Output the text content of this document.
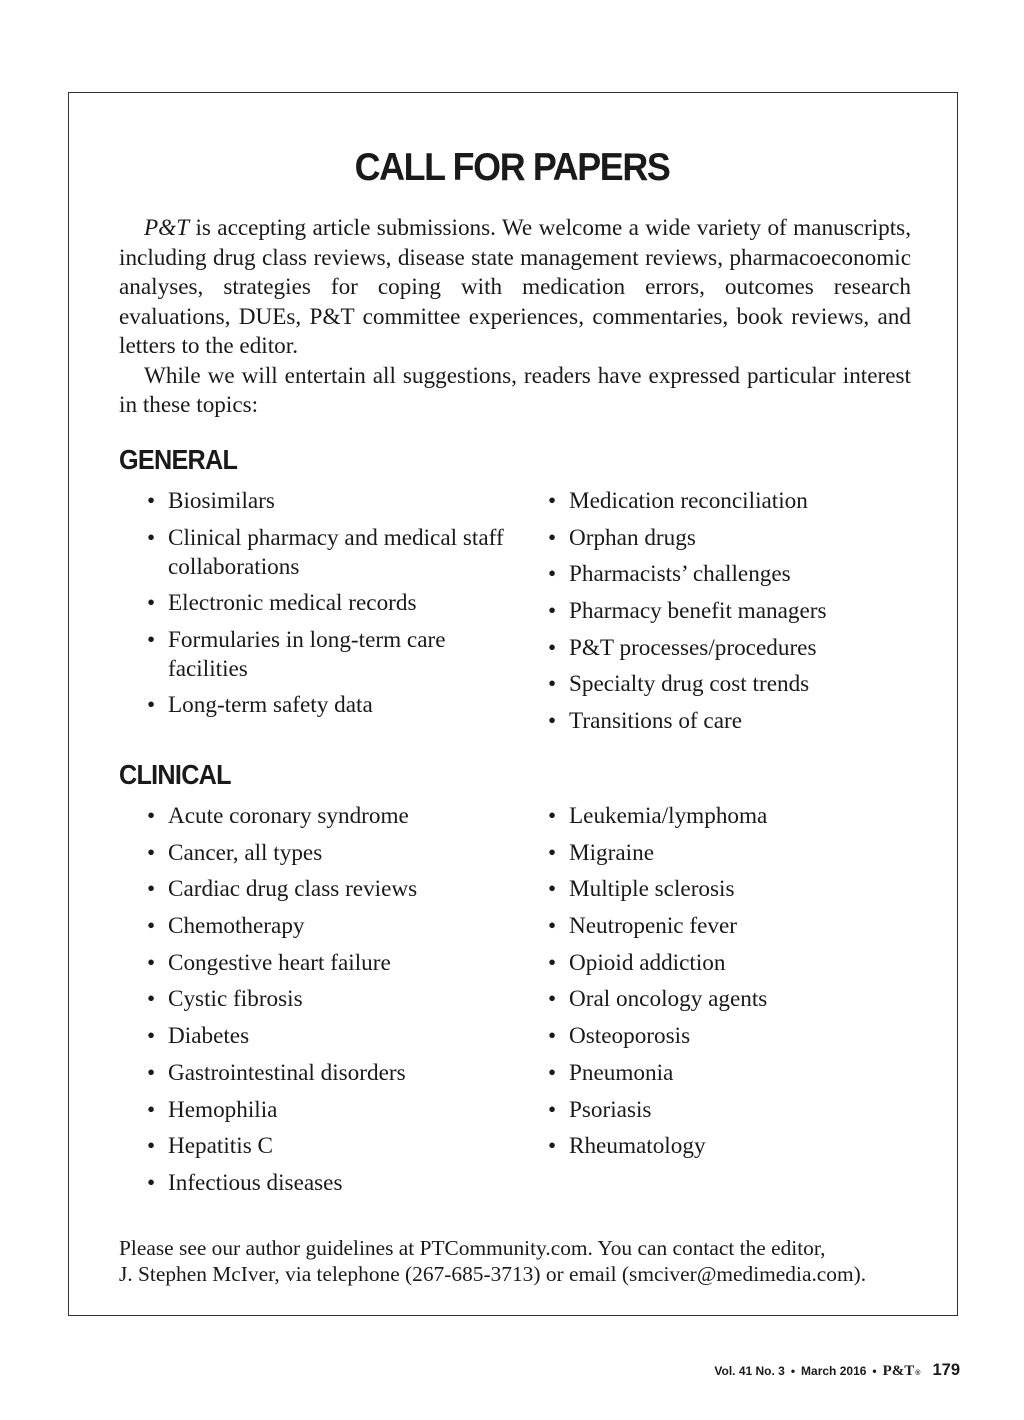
CALL FOR PAPERS

P&T is accepting article submissions. We welcome a wide variety of manuscripts, including drug class reviews, disease state management reviews, pharmacoeconomic analyses, strategies for coping with medication errors, outcomes research evaluations, DUEs, P&T committee experiences, commentaries, book reviews, and letters to the editor.

While we will entertain all suggestions, readers have expressed particular interest in these topics:

GENERAL
• Biosimilars
• Clinical pharmacy and medical staff collaborations
• Electronic medical records
• Formularies in long-term care facilities
• Long-term safety data
• Medication reconciliation
• Orphan drugs
• Pharmacists’ challenges
• Pharmacy benefit managers
• P&T processes/procedures
• Specialty drug cost trends
• Transitions of care
CLINICAL
• Acute coronary syndrome
• Cancer, all types
• Cardiac drug class reviews
• Chemotherapy
• Congestive heart failure
• Cystic fibrosis
• Diabetes
• Gastrointestinal disorders
• Hemophilia
• Hepatitis C
• Infectious diseases
• Leukemia/lymphoma
• Migraine
• Multiple sclerosis
• Neutropenic fever
• Opioid addiction
• Oral oncology agents
• Osteoporosis
• Pneumonia
• Psoriasis
• Rheumatology

Please see our author guidelines at PTCommunity.com. You can contact the editor,
J. Stephen McIver, via telephone (267-685-3713) or email (smciver@medimedia.com).

Vol. 41 No. 3 • March 2016 • P&T® 179
